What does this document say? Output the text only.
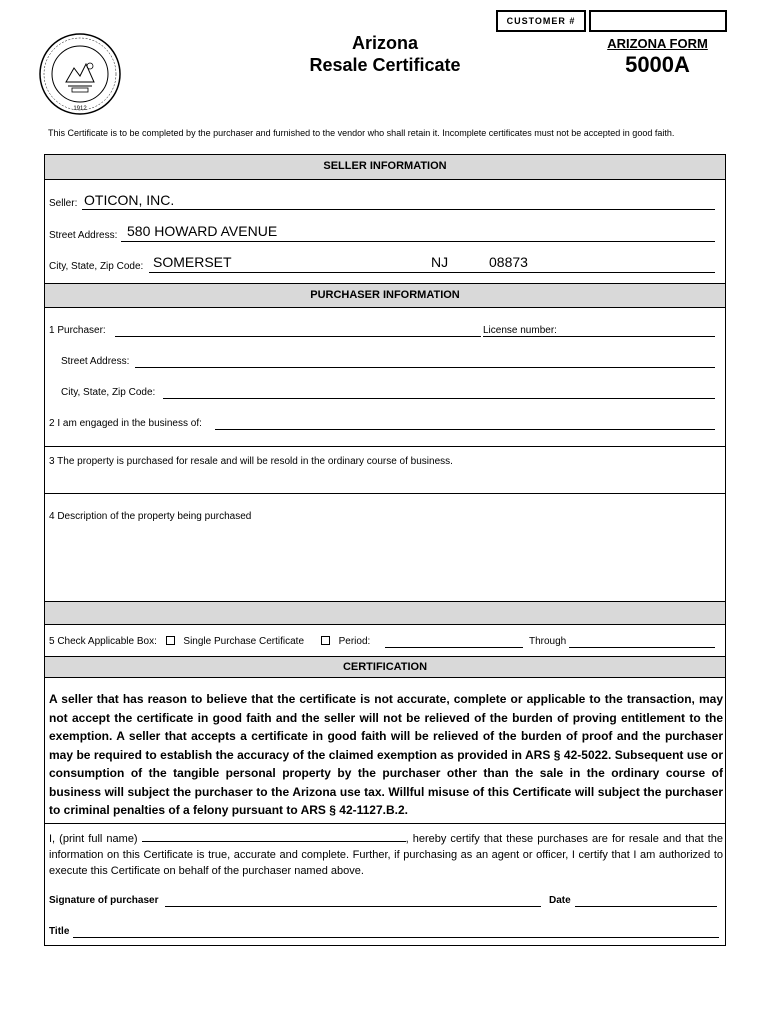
CUSTOMER #
Arizona
Resale Certificate
ARIZONA FORM
5000A
1912
This Certificate is to be completed by the purchaser and furnished to the vendor who shall retain it. Incomplete certificates must not be accepted in good faith.
SELLER INFORMATION
Seller: OTICON, INC.
Street Address: 580 HOWARD AVENUE
City, State, Zip Code: SOMERSET	NJ	08873
PURCHASER INFORMATION
1 Purchaser:	License number:
Street Address:
City, State, Zip Code:
2 I am engaged in the business of:
3 The property is purchased for resale and will be resold in the ordinary course of business.
4 Description of the property being purchased
5 Check Applicable Box:	Single Purchase Certificate	Period:	Through
CERTIFICATION
A seller that has reason to believe that the certificate is not accurate, complete or applicable to the transaction, may not accept the certificate in good faith and the seller will not be relieved of the burden of proving entitlement to the exemption. A seller that accepts a certificate in good faith will be relieved of the burden of proof and the purchaser may be required to establish the accuracy of the claimed exemption as provided in ARS § 42-5022. Subsequent use or consumption of the tangible personal property by the purchaser other than the sale in the ordinary course of business will subject the purchaser to the Arizona use tax. Willful misuse of this Certificate will subject the purchaser to criminal penalties of a felony pursuant to ARS § 42-1127.B.2.
I, (print full name)	, hereby certify that these purchases are for resale and that the information on this Certificate is true, accurate and complete. Further, if purchasing as an agent or officer, I certify that I am authorized to execute this Certificate on behalf of the purchaser named above.
Signature of purchaser	Date
Title
